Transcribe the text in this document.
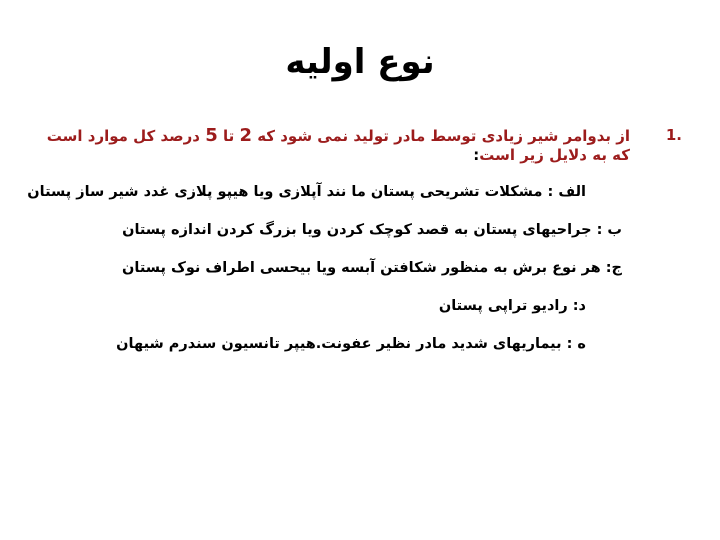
نوع اولیه
1.
از بدوامر شیر زیادی توسط مادر تولید نمی شود که 2 تا 5 درصد کل موارد است که به دلایل زیر است:
الف : مشکلات تشریحی پستان ما نند آپلازی ویا هیپو پلازی غدد شیر ساز پستان
ب : جراحیهای پستان به قصد کوچک کردن ویا بزرگ کردن اندازه پستان
ج: هر نوع برش به منظور شکافتن آبسه ویا بیحسی اطراف نوک پستان
د: رادیو تراپی پستان
ه : بیماریهای شدید مادر نظیر عفونت.هیپر تانسیون سندرم شیهان
